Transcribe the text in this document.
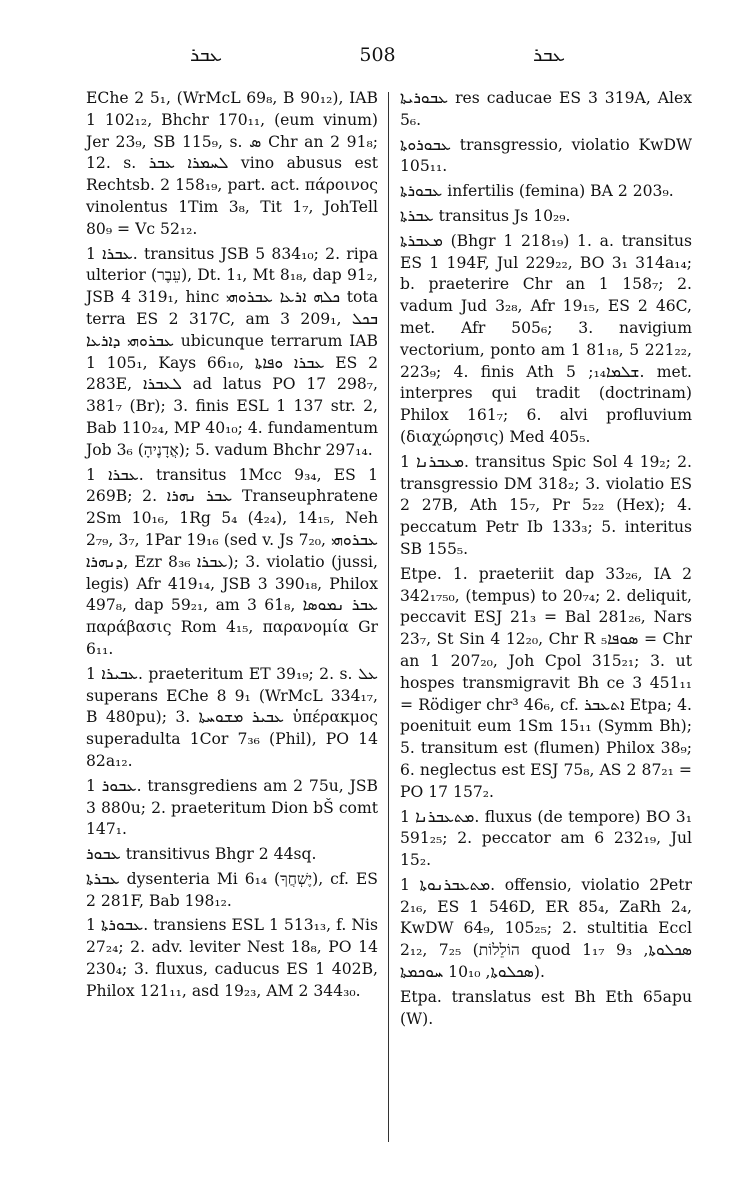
ܥܒܪ	508	ܥܒܪ

EChe 2 5₁, (WrMcL 69₈, B 90₁₂), IAB 1 102₁₂, Bhchr 170₁₁, (eum vinum) Jer 23₉, SB 115₉, s. ܣ Chr an 2 91₈; 12. s. ܠܚܡܪܐ ܥܒܪ vino abusus est Rechtsb. 2 158₁₉, part. act. πάροινος vinolentus 1Tim 3₈, Tit 1₇, JohTell 80₉ = Vc 52₁₂.

ܥܒܪܐ 1. transitus JSB 5 834₁₀; 2. ripa ulterior (עֵבֶר), Dt. 1₁, Mt 8₁₈, dap 91₂, JSB 4 319₁, hinc ܟܠܗ ܐܪܥܐ ܥܒܪܘܗܝ tota terra ES 2 317C, am 3 209₁, ܒܟܠ ܥܒܪܘܗܝ ܕܐܪܥܐ ubicunque terrarum IAB 1 105₁, Kays 66₁₀, ܥܒܪܐ ܘܦܐܬܐ ES 2 283E, ܠܥܒܪܐ ad latus PO 17 298₇, 381₇ (Br); 3. finis ESL 1 137 str. 2, Bab 110₂₄, MP 40₁₀; 4. fundamentum Job 3₆ (אֲדָנֶיהָ); 5. vadum Bhchr 297₁₄.

ܥܒܪܐ 1. transitus 1Mcc 9₃₄, ES 1 269B; 2. ܥܒܪ ܢܗܪܐ Transeuphratene 2Sm 10₁₆, 1Rg 5₄ (4₂₄), 14₁₅, Neh 2₇₉, 3₇, 1Par 19₁₆ (sed v. Js 7₂₀, ܥܒܪܘܗܝ ܕܢܗܪܐ, Ezr 8₃₆ ܥܒܪܐ); 3. violatio (jussi, legis) Afr 419₁₄, JSB 3 390₁₈, Philox 497₈, dap 59₂₁, am 3 61₈, ܥܒܪ ܢܡܘܣܐ παράβασις Rom 4₁₅, παρανομία Gr 6₁₁.

ܥܒܝܪܐ 1. praeteritum ET 39₁₉; 2. s. ܥܠ superans EChe 8 9₁ (WrMcL 334₁₇, B 480pu); 3. ܥܒܝܪ ܡܫܘܚܬܐ ὑπέρακμος superadulta 1Cor 7₃₆ (Phil), PO 14 82a₁₂.

ܥܒܘܪ 1. transgrediens am 2 75u, JSB 3 880u; 2. praeteritum Dion bŠ comt 147₁.

ܥܒܘܪ transitivus Bhgr 2 44sq.

ܥܒܪܬܐ dysenteria Mi 6₁₄ (יֶשְׁחֲךָ), cf. ES 2 281F, Bab 198₁₂.

ܥܒܘܪܬܐ 1. transiens ESL 1 513₁₃, f. Nis 27₂₄; 2. adv. leviter Nest 18₈, PO 14 230₄; 3. fluxus, caducus ES 1 402B, Philox 121₁₁, asd 19₂₃, AM 2 344₃₀.

ܥܒܘܪܝܬܐ res caducae ES 3 319A, Alex 5₆.

ܥܒܘܪܘܬܐ transgressio, violatio KwDW 105₁₁.

ܥܒܘܪܬܐ infertilis (femina) BA 2 203₉.

ܥܒܪܬܐ transitus Js 10₂₉.

ܡܥܒܪܬܐ (Bhgr 1 218₁₉) 1. a. transitus ES 1 194F, Jul 229₂₂, BO 3₁ 314a₁₄; b. praeterire Chr an 1 158₇; 2. vadum Jud 3₂₈, Afr 19₁₅, ES 2 46C, met. Afr 505₆; 3. navigium vectorium, ponto am 1 81₁₈, 5 221₂₂, 223₉; 4. finis Ath ܫܠܡܐ₁₄; 5. met. interpres qui tradit (doctrinam) Philox 161₇; 6. alvi profluvium (διαχώρησις) Med 405₅.

ܡܥܒܪܢܐ 1. transitus Spic Sol 4 19₂; 2. transgressio DM 318₂; 3. violatio ES 2 27B, Ath 15₇, Pr 5₂₂ (Hex); 4. peccatum Petr Ib 133₃; 5. interitus SB 155₅.

Etpe. 1. praeteriit dap 33₂₆, IA 2 342₁₇₅₀, (tempus) to 20₇₄; 2. deliquit, peccavit ESJ 21₃ = Bal 281₂₆, Nars 23₇, St Sin 4 12₂₀, Chr R ܣܘܦܐ₅ = Chr an 1 207₂₀, Joh Cpol 315₂₁; 3. ut hospes transmigravit Bh ce 3 451₁₁ = Rödiger chr³ 46₆, cf. ܐܬܥܒܪ Etpa; 4. poenituit eum 1Sm 15₁₁ (Symm Bh); 5. transitum est (flumen) Philox 38₉; 6. neglectus est ESJ 75₈, AS 2 87₂₁ = PO 17 157₂.

ܡܬܥܒܪܢܐ 1. fluxus (de tempore) BO 3₁ 591₂₅; 2. peccator am 6 232₁₉, Jul 15₂.

ܡܬܥܒܪܢܘܬܐ 1. offensio, violatio 2Petr 2₁₆, ES 1 546D, ER 85₄, ZaRh 2₄, KwDW 64₉, 105₂₅; 2. stultitia Eccl 2₁₂, 7₂₅ (הוֹלֵלוֹת quod 1₁₇ ܣܟܠܘܬܐ, 9₃ ܣܟܠܘܬܐ, 10₁₀ ܚܘܟܡܬܐ).

Etpa. translatus est Bh Eth 65apu (W).
